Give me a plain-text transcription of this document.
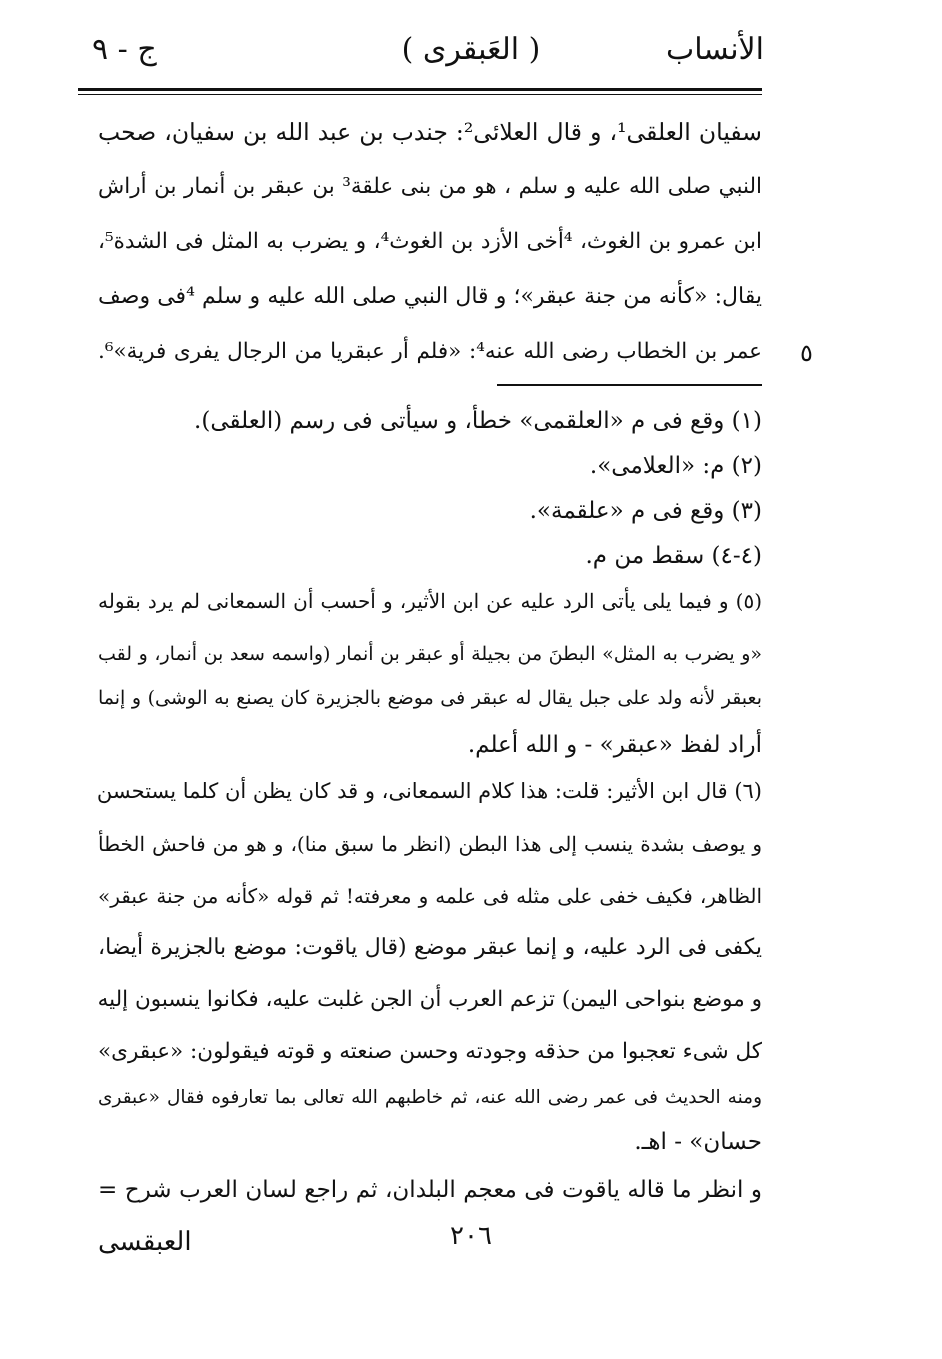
الأنساب
( العَبقرى )
ج - ٩
سفيان العلقى¹، و قال العلائى²: جندب بن عبد الله بن سفيان، صحب
النبي صلى الله عليه و سلم ، هو من بنى علقة³ بن عبقر بن أنمار بن أراش
ابن عمرو بن الغوث، ⁴أخى الأزد بن الغوث⁴، و يضرب به المثل فى الشدة⁵،
يقال: «كأنه من جنة عبقر»؛ و قال النبي صلى الله عليه و سلم ⁴فى وصف
عمر بن الخطاب رضى الله عنه⁴: «فلم أر عبقريا من الرجال يفرى فرية»⁶. ٥
(١) وقع فى م «العلقمى» خطأ، و سيأتى فى رسم (العلقى).
(٢) م: «العلامى».
(٣) وقع فى م «علقمة».
(٤-٤) سقط من م.
(٥) و فيما يلى يأتى الرد عليه عن ابن الأثير، و أحسب أن السمعانى لم يرد بقوله
«و يضرب به المثل» البطنَ من بجيلة أو عبقر بن أنمار (واسمه سعد بن أنمار، و لقب
بعبقر لأنه ولد على جبل يقال له عبقر فى موضع بالجزيرة كان يصنع به الوشى) و إنما
أراد لفظ «عبقر» - و الله أعلم.
(٦) قال ابن الأثير: قلت: هذا كلام السمعانى، و قد كان يظن أن كلما يستحسن
و يوصف بشدة ينسب إلى هذا البطن (انظر ما سبق منا)، و هو من فاحش الخطأ
الظاهر، فكيف خفى على مثله فى علمه و معرفته! ثم قوله «كأنه من جنة عبقر»
يكفى فى الرد عليه، و إنما عبقر موضع (قال ياقوت: موضع بالجزيرة أيضا،
و موضع بنواحى اليمن) تزعم العرب أن الجن غلبت عليه، فكانوا ينسبون إليه
كل شىء تعجبوا من حذقه وجودته وحسن صنعته و قوته فيقولون: «عبقرى»
ومنه الحديث فى عمر رضى الله عنه، ثم خاطبهم الله تعالى بما تعارفوه فقال «عبقرى
حسان» - اهـ.
و انظر ما قاله ياقوت فى معجم البلدان، ثم راجع لسان العرب شرح =
٢٠٦
العبقسى
